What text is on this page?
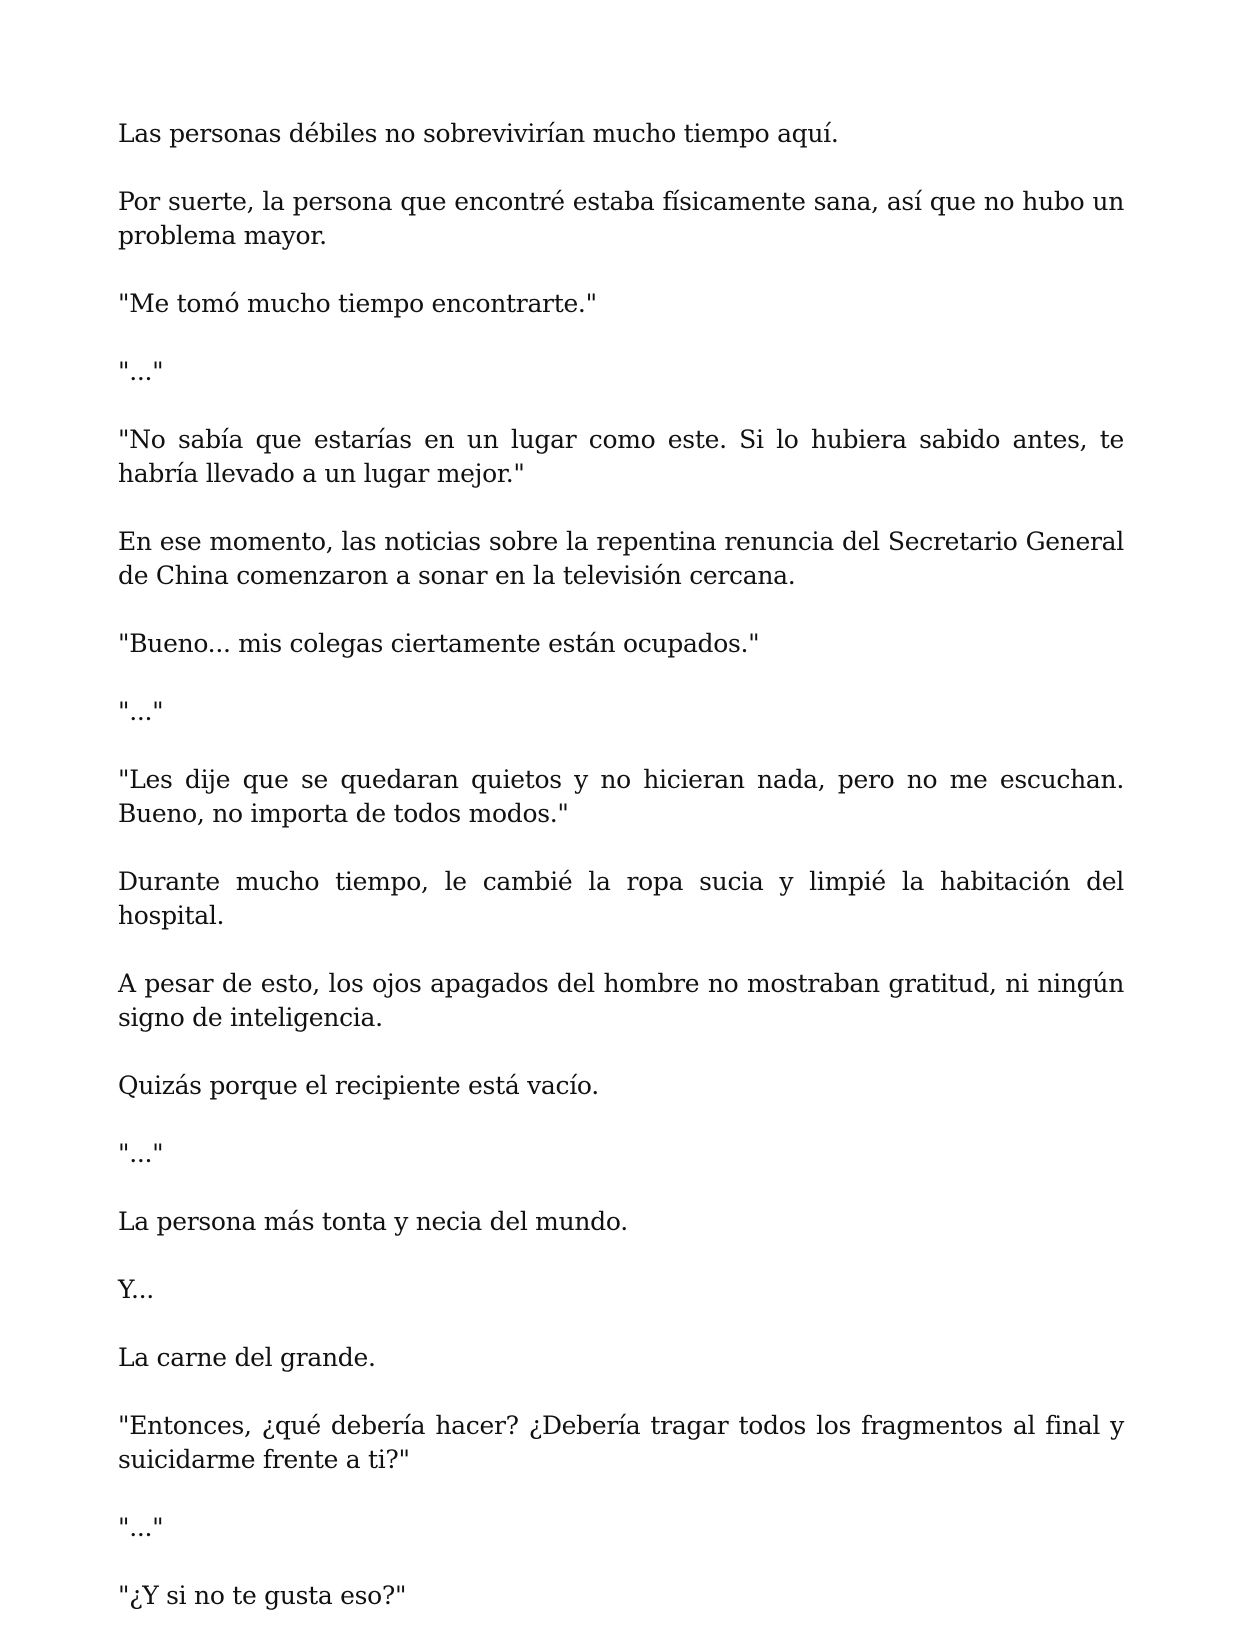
Las personas débiles no sobrevivirían mucho tiempo aquí.

Por suerte, la persona que encontré estaba físicamente sana, así que no hubo un problema mayor.

"Me tomó mucho tiempo encontrarte."

"..."

"No sabía que estarías en un lugar como este. Si lo hubiera sabido antes, te habría llevado a un lugar mejor."

En ese momento, las noticias sobre la repentina renuncia del Secretario General de China comenzaron a sonar en la televisión cercana.

"Bueno... mis colegas ciertamente están ocupados."

"..."

"Les dije que se quedaran quietos y no hicieran nada, pero no me escuchan. Bueno, no importa de todos modos."

Durante mucho tiempo, le cambié la ropa sucia y limpié la habitación del hospital.

A pesar de esto, los ojos apagados del hombre no mostraban gratitud, ni ningún signo de inteligencia.

Quizás porque el recipiente está vacío.

"..."

La persona más tonta y necia del mundo.

Y...

La carne del grande.

"Entonces, ¿qué debería hacer? ¿Debería tragar todos los fragmentos al final y suicidarme frente a ti?"

"..."

"¿Y si no te gusta eso?"
